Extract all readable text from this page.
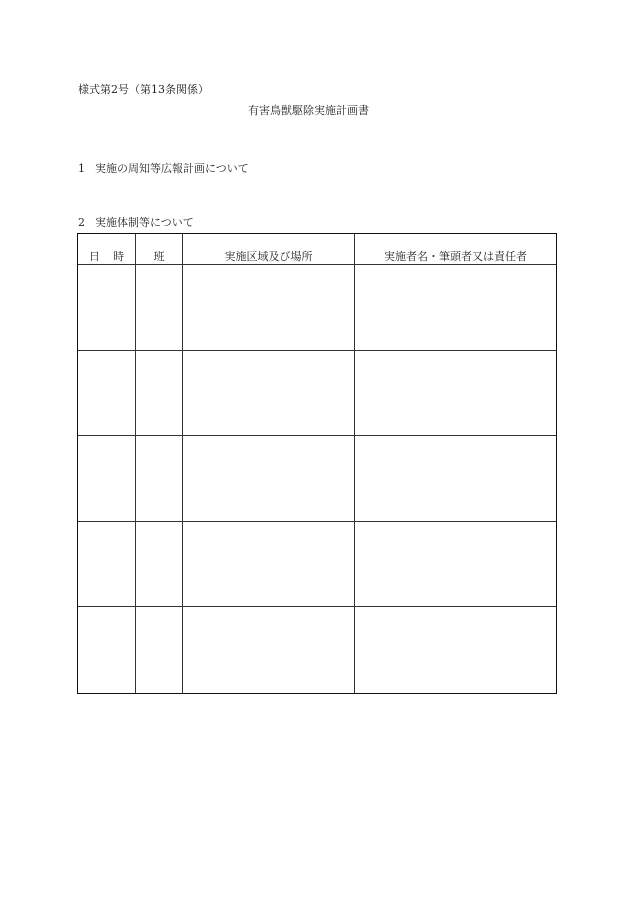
様式第2号（第13条関係）
有害鳥獣駆除実施計画書
1 実施の周知等広報計画について
2 実施体制等について
日時 班	実施区域及び場所	実施者名・筆頭者又は責任者
